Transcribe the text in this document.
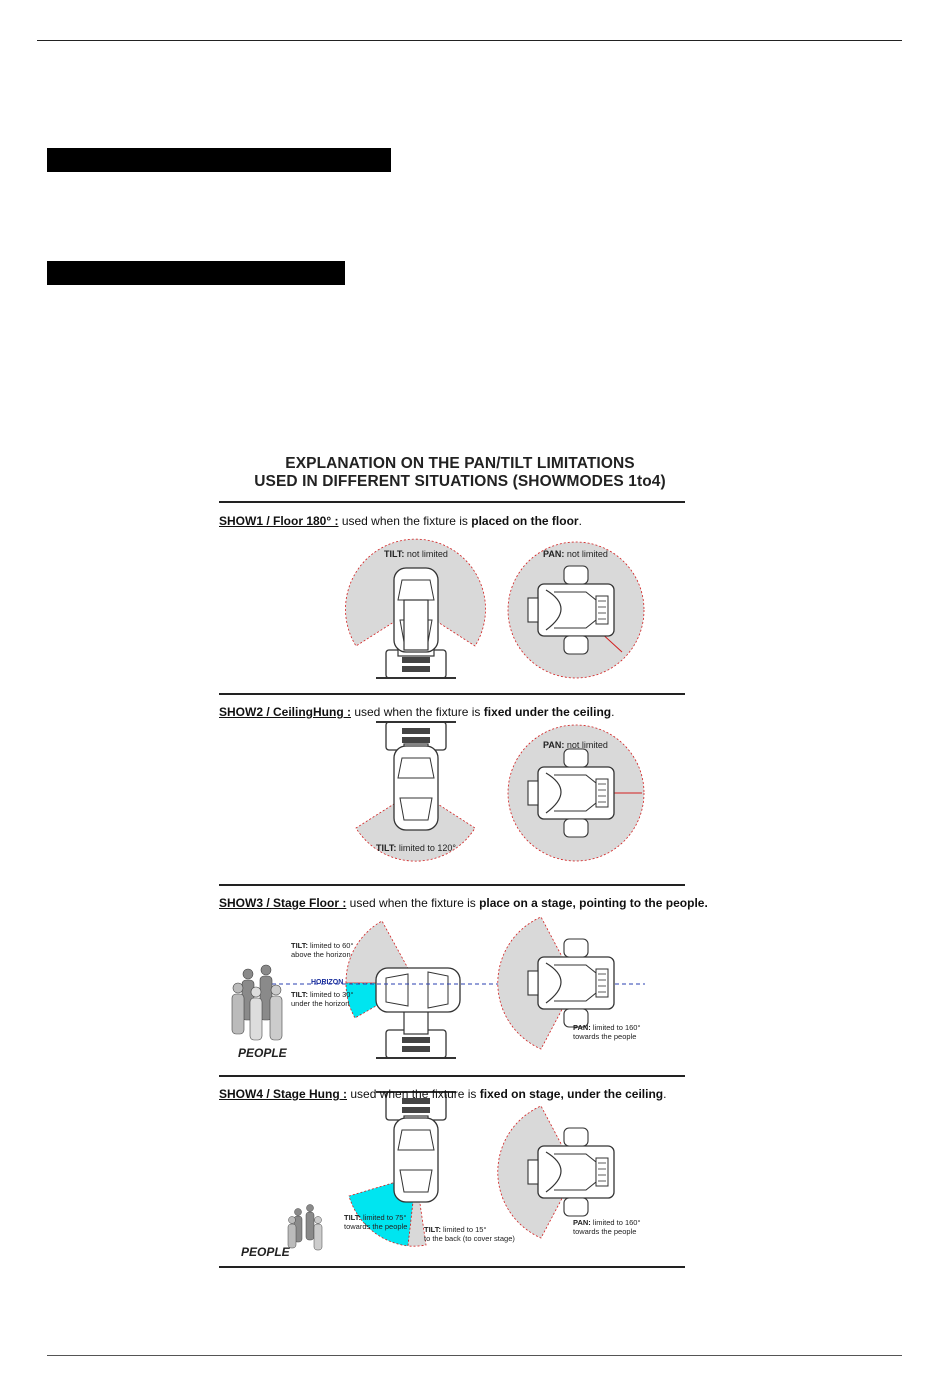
EXPLANATION ON THE PAN/TILT LIMITATIONS
USED IN DIFFERENT SITUATIONS (SHOWMODES 1to4)
SHOW1 / Floor 180° : used when the fixture is placed on the floor.
SHOW2 / CeilingHung : used when the fixture is fixed under the ceiling.
SHOW3 / Stage Floor : used when the fixture is place on a stage, pointing to the people.
SHOW4 / Stage Hung : used when the fixture is fixed on stage, under the ceiling.
TILT: not limited	PAN: not limited
PAN: not limited
TILT: limited to 120°
TILT: limited to 60°
above the horizon
HORIZON
TILT: limited to 30°
under the horizon
PEOPLE
PAN: limited to 160°
towards the people
TILT: limited to 75°
towards the people TILT: limited to 15°
to the back (to cover stage)
PEOPLE
PAN: limited to 160°
towards the people
